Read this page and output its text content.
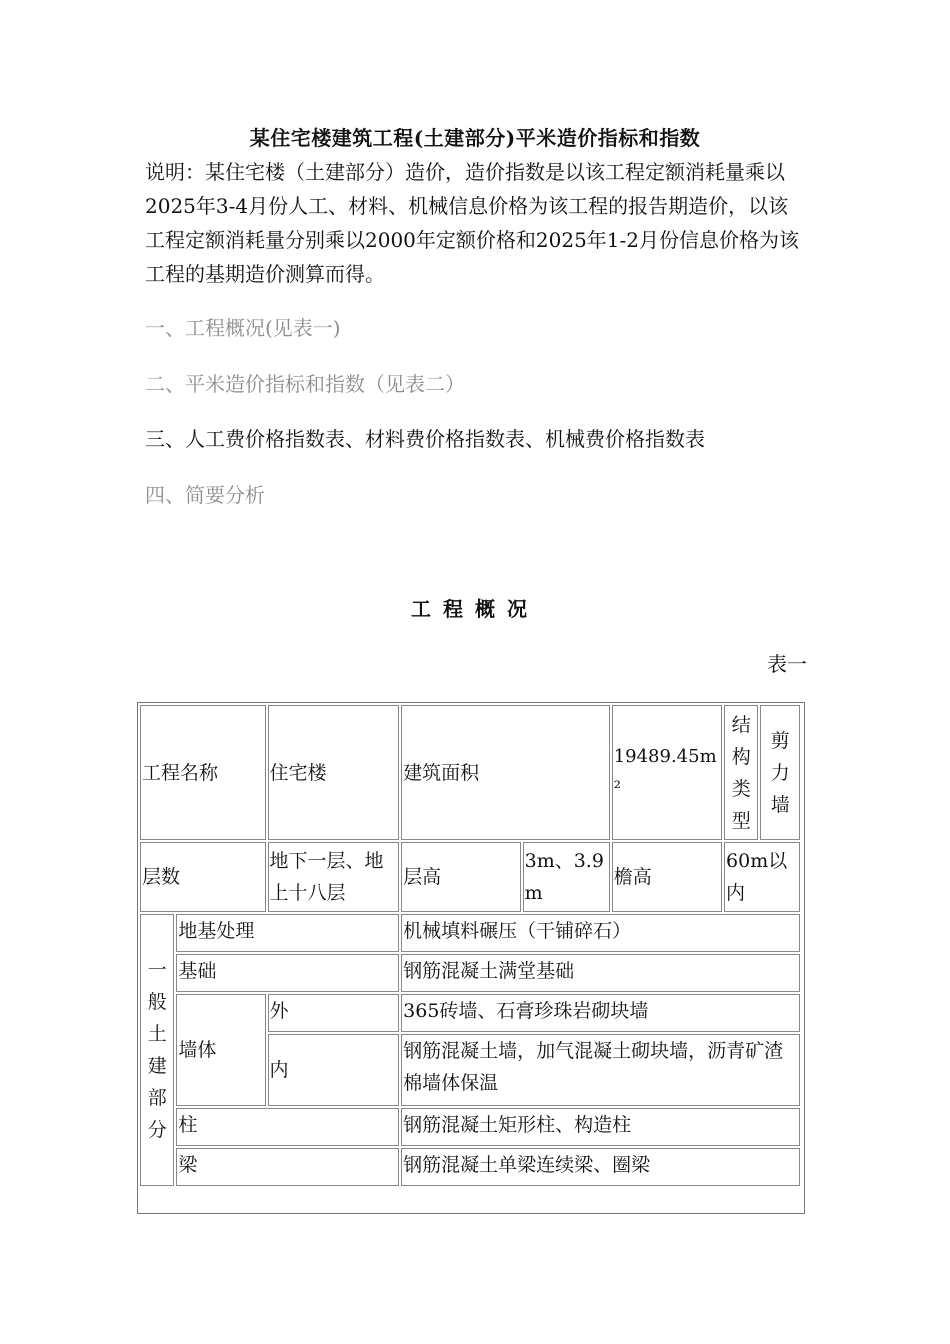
某住宅楼建筑工程(土建部分)平米造价指标和指数

说明：某住宅楼（土建部分）造价，造价指数是以该工程定额消耗量乘以2025年3-4月份人工、材料、机械信息价格为该工程的报告期造价，以该工程定额消耗量分别乘以2000年定额价格和2025年1-2月份信息价格为该工程的基期造价测算而得。

一、工程概况(见表一)

二、平米造价指标和指数（见表二）

三、人工费价格指数表、材料费价格指数表、机械费价格指数表

四、简要分析

工程概况
表一
工程名称		住宅楼	建筑面积		19489.45m²	结构类型	剪力墙
层数		地下一层、地上十八层	层高	3m、3.9m	檐高	60m以内	
一般土建部分	地基处理		机械填料碾压（干铺碎石）				
	基础		钢筋混凝土满堂基础				
	墙体	外	365砖墙、石膏珍珠岩砌块墙				
		内	钢筋混凝土墙，加气混凝土砌块墙，沥青矿渣棉墙体保温				
	柱		钢筋混凝土矩形柱、构造柱				
	梁		钢筋混凝土单梁连续梁、圈梁				
